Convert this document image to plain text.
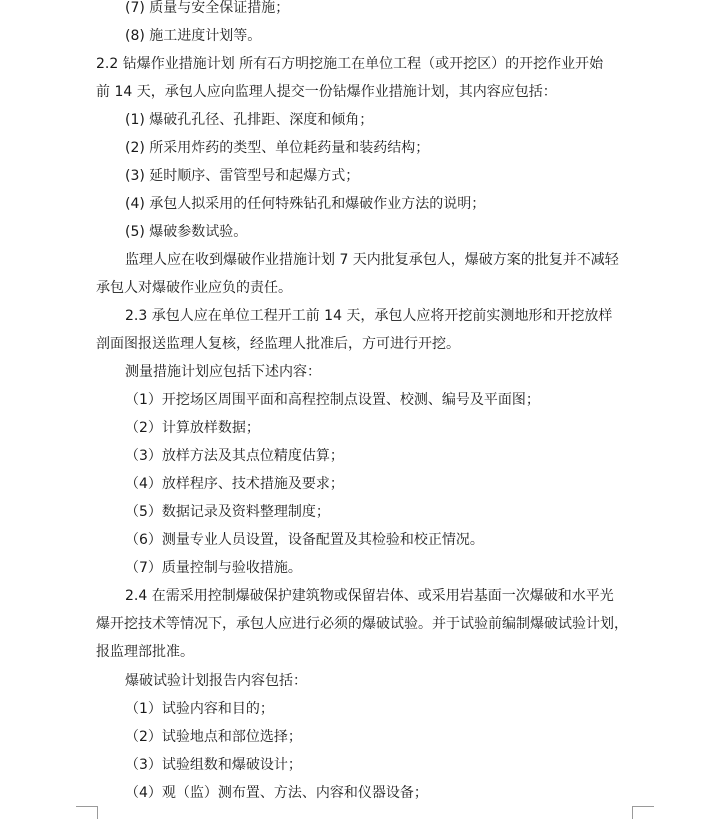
(7) 质量与安全保证措施；
(8) 施工进度计划等。
2.2 钻爆作业措施计划 所有石方明挖施工在单位工程（或开挖区）的开挖作业开始
前 14 天，承包人应向监理人提交一份钻爆作业措施计划，其内容应包括：
(1) 爆破孔孔径、孔排距、深度和倾角；
(2) 所采用炸药的类型、单位耗药量和装药结构；
(3) 延时顺序、雷管型号和起爆方式；
(4) 承包人拟采用的任何特殊钻孔和爆破作业方法的说明；
(5) 爆破参数试验。
监理人应在收到爆破作业措施计划 7 天内批复承包人，爆破方案的批复并不减轻
承包人对爆破作业应负的责任。
2.3 承包人应在单位工程开工前 14 天，承包人应将开挖前实测地形和开挖放样
剖面图报送监理人复核，经监理人批准后，方可进行开挖。
测量措施计划应包括下述内容：
（1）开挖场区周围平面和高程控制点设置、校测、编号及平面图；
（2）计算放样数据；
（3）放样方法及其点位精度估算；
（4）放样程序、技术措施及要求；
（5）数据记录及资料整理制度；
（6）测量专业人员设置，设备配置及其检验和校正情况。
（7）质量控制与验收措施。
2.4 在需采用控制爆破保护建筑物或保留岩体、或采用岩基面一次爆破和水平光
爆开挖技术等情况下，承包人应进行必须的爆破试验。并于试验前编制爆破试验计划，
报监理部批准。
爆破试验计划报告内容包括：
（1）试验内容和目的；
（2）试验地点和部位选择；
（3）试验组数和爆破设计；
（4）观（监）测布置、方法、内容和仪器设备；
